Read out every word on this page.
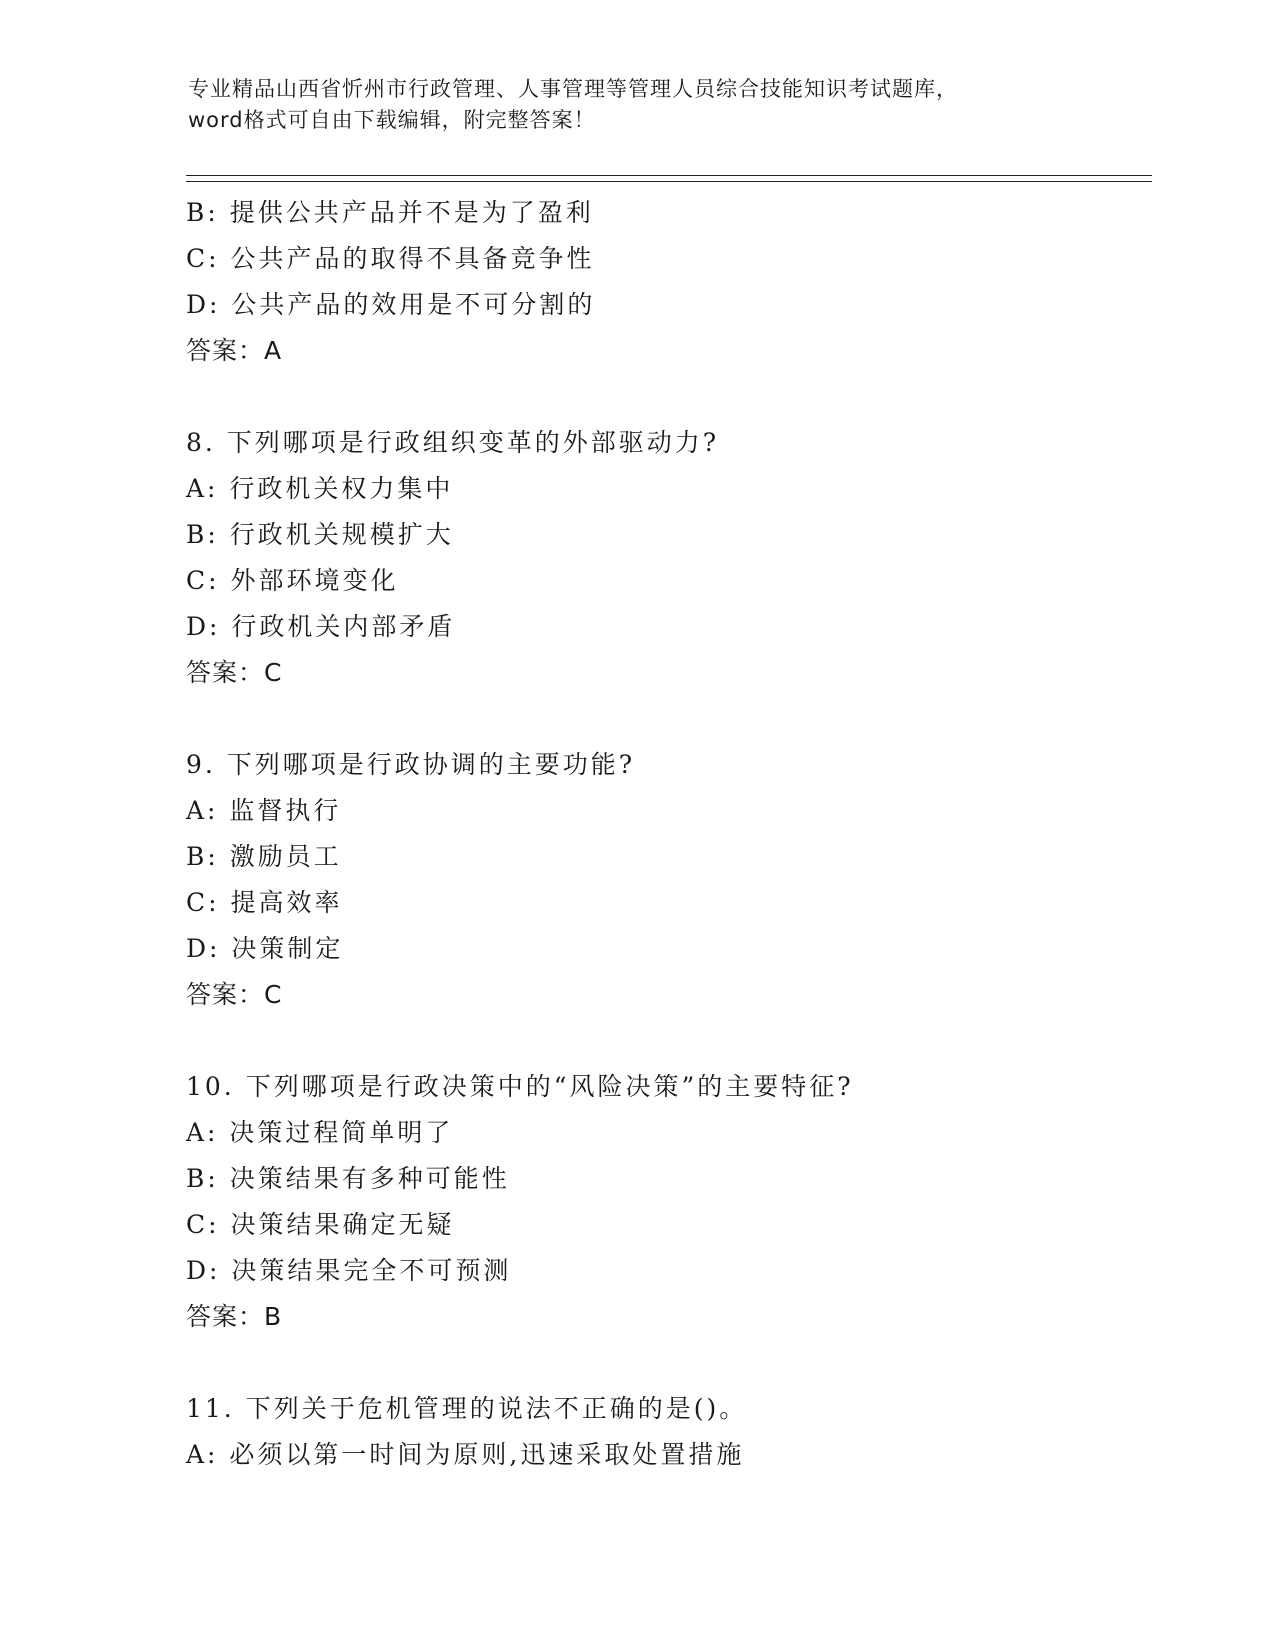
专业精品山西省忻州市行政管理、人事管理等管理人员综合技能知识考试题库，
word格式可自由下载编辑，附完整答案！
B: 提供公共产品并不是为了盈利
C: 公共产品的取得不具备竞争性
D: 公共产品的效用是不可分割的
答案：A
8. 下列哪项是行政组织变革的外部驱动力?
A: 行政机关权力集中
B: 行政机关规模扩大
C: 外部环境变化
D: 行政机关内部矛盾
答案：C
9. 下列哪项是行政协调的主要功能?
A: 监督执行
B: 激励员工
C: 提高效率
D: 决策制定
答案：C
10. 下列哪项是行政决策中的“风险决策”的主要特征?
A: 决策过程简单明了
B: 决策结果有多种可能性
C: 决策结果确定无疑
D: 决策结果完全不可预测
答案：B
11. 下列关于危机管理的说法不正确的是()。
A: 必须以第一时间为原则,迅速采取处置措施
